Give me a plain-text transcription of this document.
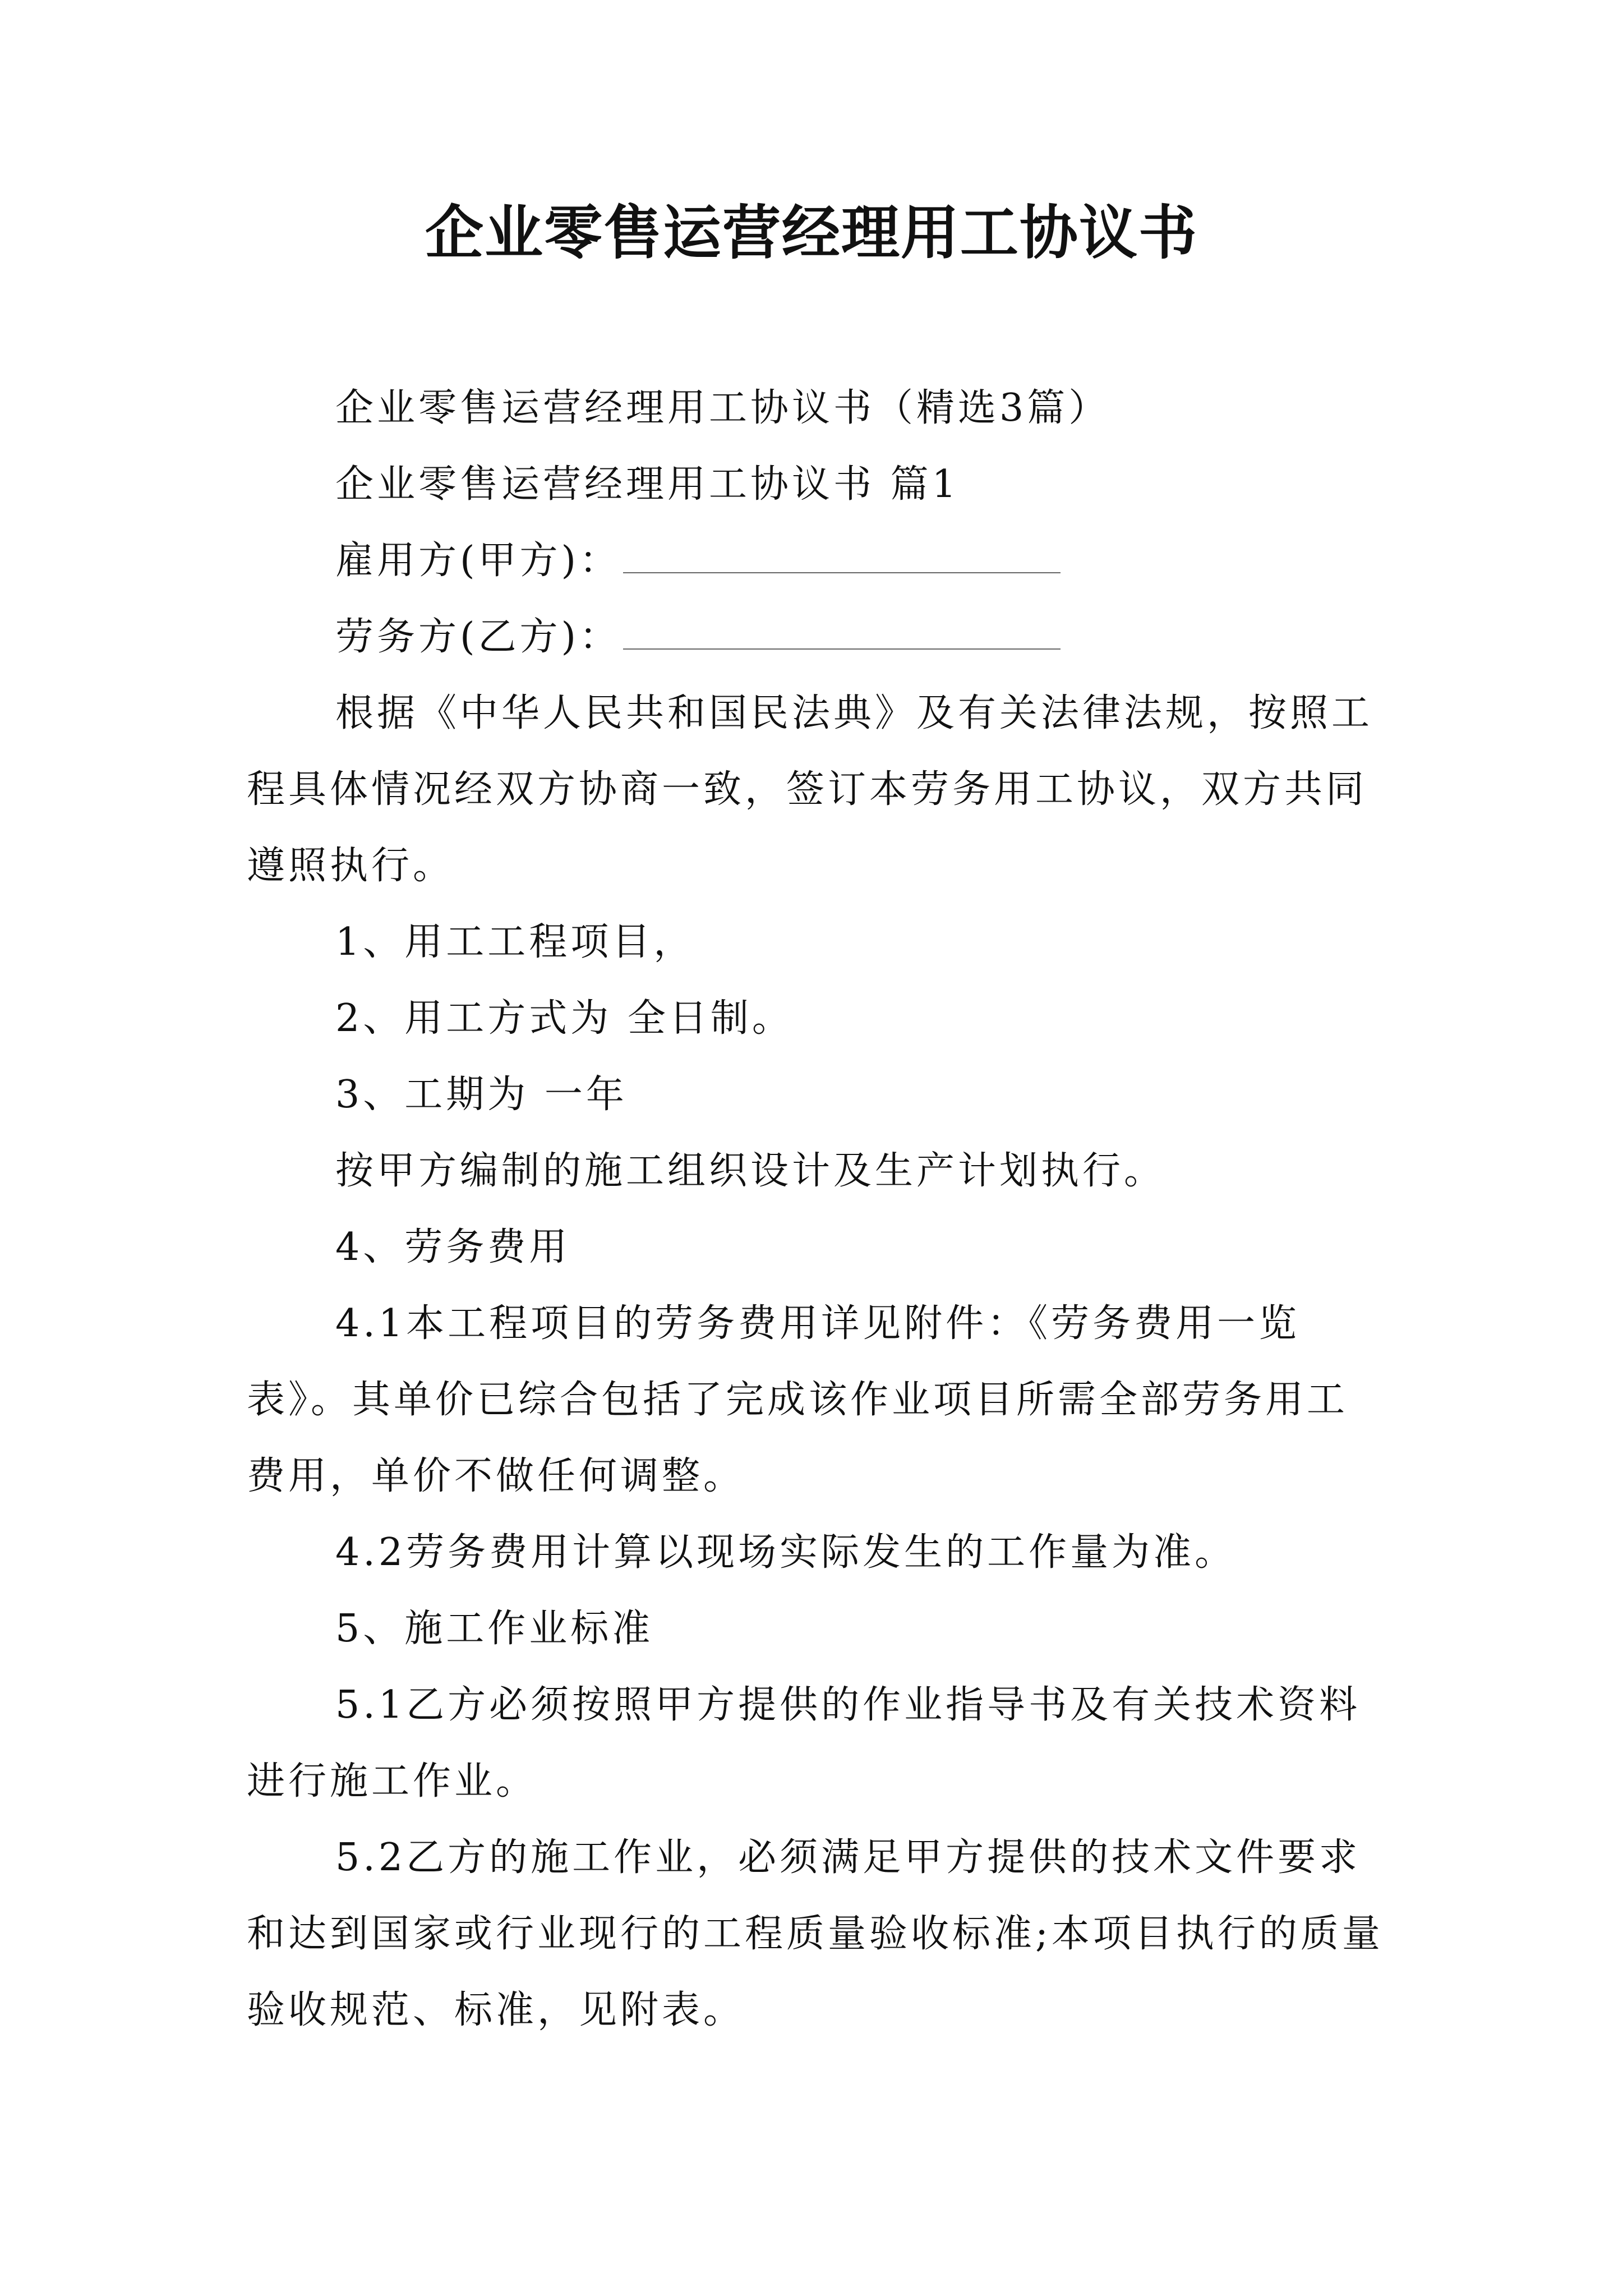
企业零售运营经理用工协议书

企业零售运营经理用工协议书（精选3篇）

企业零售运营经理用工协议书 篇1

雇用方(甲方)：

劳务方(乙方)：

根据《中华人民共和国民法典》及有关法律法规，按照工程具体情况经双方协商一致，签订本劳务用工协议，双方共同遵照执行。

1、用工工程项目，

2、用工方式为 全日制。

3、工期为 一年

按甲方编制的施工组织设计及生产计划执行。

4、劳务费用

4.1本工程项目的劳务费用详见附件：《劳务费用一览表》。其单价已综合包括了完成该作业项目所需全部劳务用工费用，单价不做任何调整。

4.2劳务费用计算以现场实际发生的工作量为准。

5、施工作业标准

5.1乙方必须按照甲方提供的作业指导书及有关技术资料进行施工作业。

5.2乙方的施工作业，必须满足甲方提供的技术文件要求和达到国家或行业现行的工程质量验收标准;本项目执行的质量验收规范、标准，见附表。
